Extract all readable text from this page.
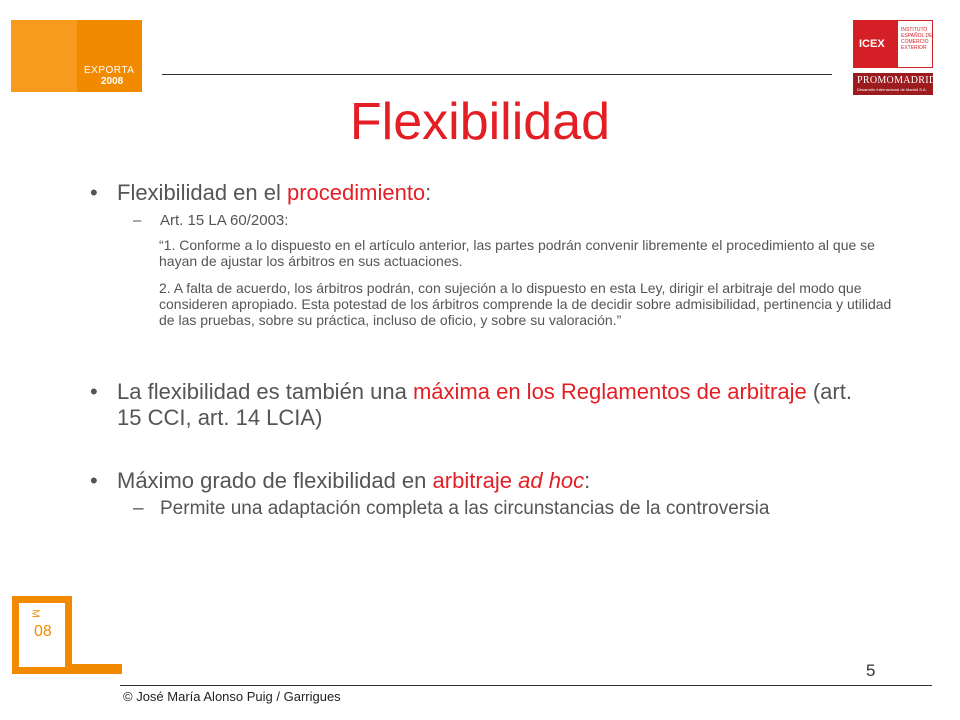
EXPORTA
2008
ICEX
INSTITUTO ESPAÑOL DE COMERCIO EXTERIOR
PROMOMADRID
Desarrollo Internacional de Madrid S.A.
Flexibilidad
• Flexibilidad en el procedimiento:
– Art. 15 LA 60/2003:
“1. Conforme a lo dispuesto en el artículo anterior, las partes podrán convenir libremente el procedimiento al que se hayan de ajustar los árbitros en sus actuaciones.
2. A falta de acuerdo, los árbitros podrán, con sujeción a lo dispuesto en esta Ley, dirigir el arbitraje del modo que consideren apropiado. Esta potestad de los árbitros comprende la de decidir sobre admisibilidad, pertinencia y utilidad de las pruebas, sobre su práctica, incluso de oficio, y sobre su valoración.”
• La flexibilidad es también una máxima en los Reglamentos de arbitraje (art. 15 CCI, art. 14 LCIA)
• Máximo grado de flexibilidad en arbitraje ad hoc:
– Permite una adaptación completa a las circunstancias de la controversia
M
08
5
© José María Alonso Puig / Garrigues
